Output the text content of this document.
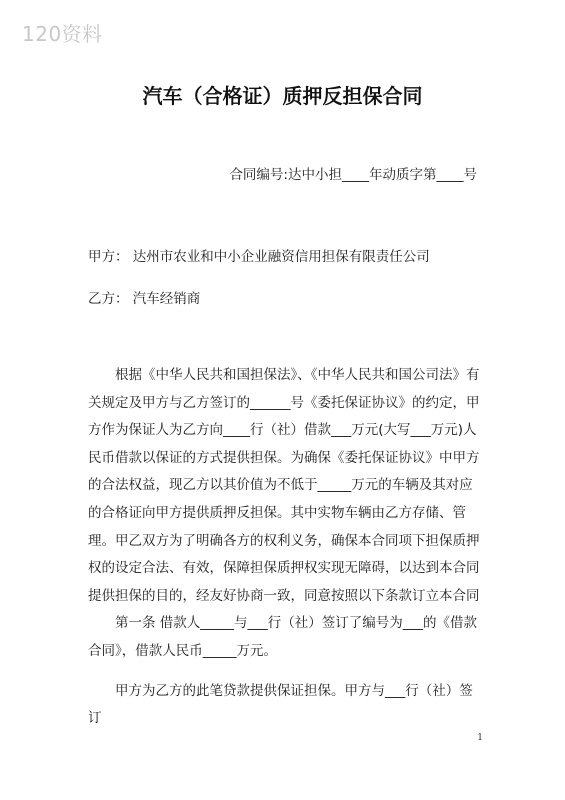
120资料
汽车（合格证）质押反担保合同
合同编号:达中小担____年动质字第____号
甲方： 达州市农业和中小企业融资信用担保有限责任公司
乙方： 汽车经销商

根据《中华人民共和国担保法》、《中华人民共和国公司法》有关规定及甲方与乙方签订的______号《委托保证协议》的约定，甲方作为保证人为乙方向____行（社）借款___万元(大写___万元)人民币借款以保证的方式提供担保。为确保《委托保证协议》中甲方的合法权益，现乙方以其价值为不低于_____万元的车辆及其对应的合格证向甲方提供质押反担保。其中实物车辆由乙方存储、管理。甲乙双方为了明确各方的权利义务，确保本合同项下担保质押权的设定合法、有效，保障担保质押权实现无障碍，以达到本合同提供担保的目的，经友好协商一致，同意按照以下条款订立本合同

第一条 借款人_____与___行（社）签订了编号为___的《借款合同》，借款人民币_____万元。

甲方为乙方的此笔贷款提供保证担保。甲方与___行（社）签订

1
